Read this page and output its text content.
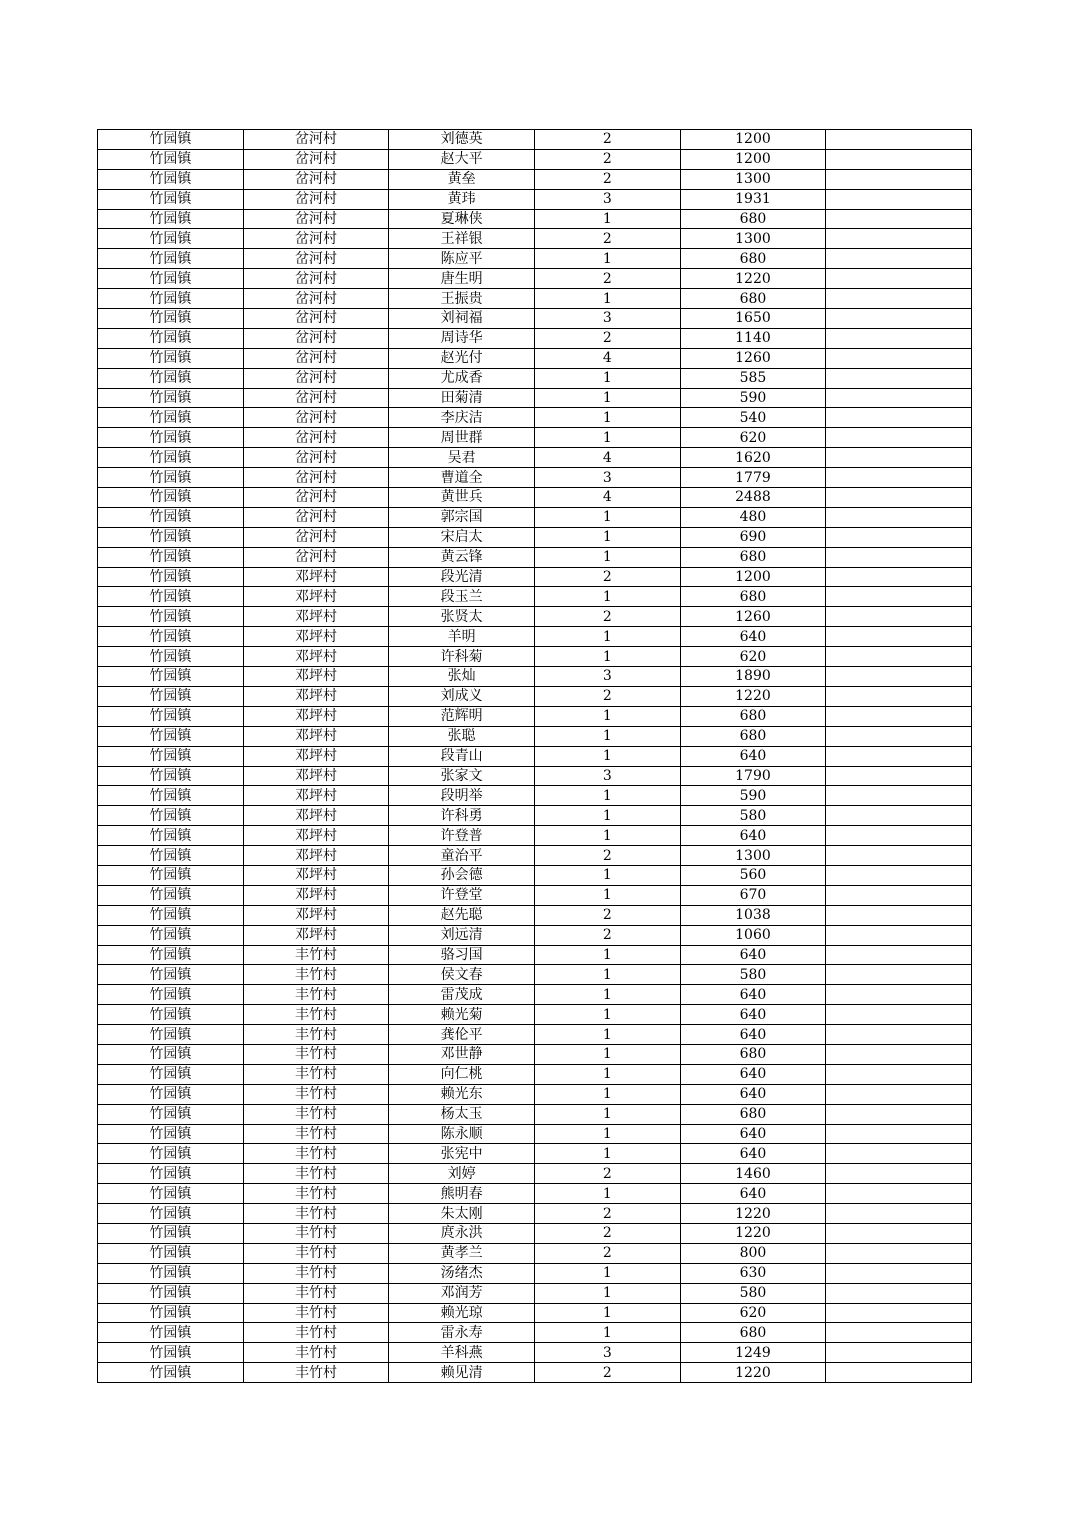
竹园镇	岔河村	刘德英	2	1200	
竹园镇	岔河村	赵大平	2	1200	
竹园镇	岔河村	黄垒	2	1300	
竹园镇	岔河村	黄玮	3	1931	
竹园镇	岔河村	夏琳侠	1	680	
竹园镇	岔河村	王祥银	2	1300	
竹园镇	岔河村	陈应平	1	680	
竹园镇	岔河村	唐生明	2	1220	
竹园镇	岔河村	王振贵	1	680	
竹园镇	岔河村	刘祠福	3	1650	
竹园镇	岔河村	周诗华	2	1140	
竹园镇	岔河村	赵光付	4	1260	
竹园镇	岔河村	尤成香	1	585	
竹园镇	岔河村	田菊清	1	590	
竹园镇	岔河村	李庆洁	1	540	
竹园镇	岔河村	周世群	1	620	
竹园镇	岔河村	吴君	4	1620	
竹园镇	岔河村	曹道全	3	1779	
竹园镇	岔河村	黄世兵	4	2488	
竹园镇	岔河村	郭宗国	1	480	
竹园镇	岔河村	宋启太	1	690	
竹园镇	岔河村	黄云锋	1	680	
竹园镇	邓坪村	段光清	2	1200	
竹园镇	邓坪村	段玉兰	1	680	
竹园镇	邓坪村	张贤太	2	1260	
竹园镇	邓坪村	羊明	1	640	
竹园镇	邓坪村	许科菊	1	620	
竹园镇	邓坪村	张灿	3	1890	
竹园镇	邓坪村	刘成义	2	1220	
竹园镇	邓坪村	范辉明	1	680	
竹园镇	邓坪村	张聪	1	680	
竹园镇	邓坪村	段青山	1	640	
竹园镇	邓坪村	张家文	3	1790	
竹园镇	邓坪村	段明举	1	590	
竹园镇	邓坪村	许科勇	1	580	
竹园镇	邓坪村	许登普	1	640	
竹园镇	邓坪村	童治平	2	1300	
竹园镇	邓坪村	孙会德	1	560	
竹园镇	邓坪村	许登堂	1	670	
竹园镇	邓坪村	赵先聪	2	1038	
竹园镇	邓坪村	刘远清	2	1060	
竹园镇	丰竹村	骆习国	1	640	
竹园镇	丰竹村	侯文春	1	580	
竹园镇	丰竹村	雷茂成	1	640	
竹园镇	丰竹村	赖光菊	1	640	
竹园镇	丰竹村	龚伦平	1	640	
竹园镇	丰竹村	邓世静	1	680	
竹园镇	丰竹村	向仁桃	1	640	
竹园镇	丰竹村	赖光东	1	640	
竹园镇	丰竹村	杨太玉	1	680	
竹园镇	丰竹村	陈永顺	1	640	
竹园镇	丰竹村	张宪中	1	640	
竹园镇	丰竹村	刘婷	2	1460	
竹园镇	丰竹村	熊明春	1	640	
竹园镇	丰竹村	朱太刚	2	1220	
竹园镇	丰竹村	庹永洪	2	1220	
竹园镇	丰竹村	黄孝兰	2	800	
竹园镇	丰竹村	汤绪杰	1	630	
竹园镇	丰竹村	邓润芳	1	580	
竹园镇	丰竹村	赖光琼	1	620	
竹园镇	丰竹村	雷永寿	1	680	
竹园镇	丰竹村	羊科燕	3	1249	
竹园镇	丰竹村	赖见清	2	1220	
